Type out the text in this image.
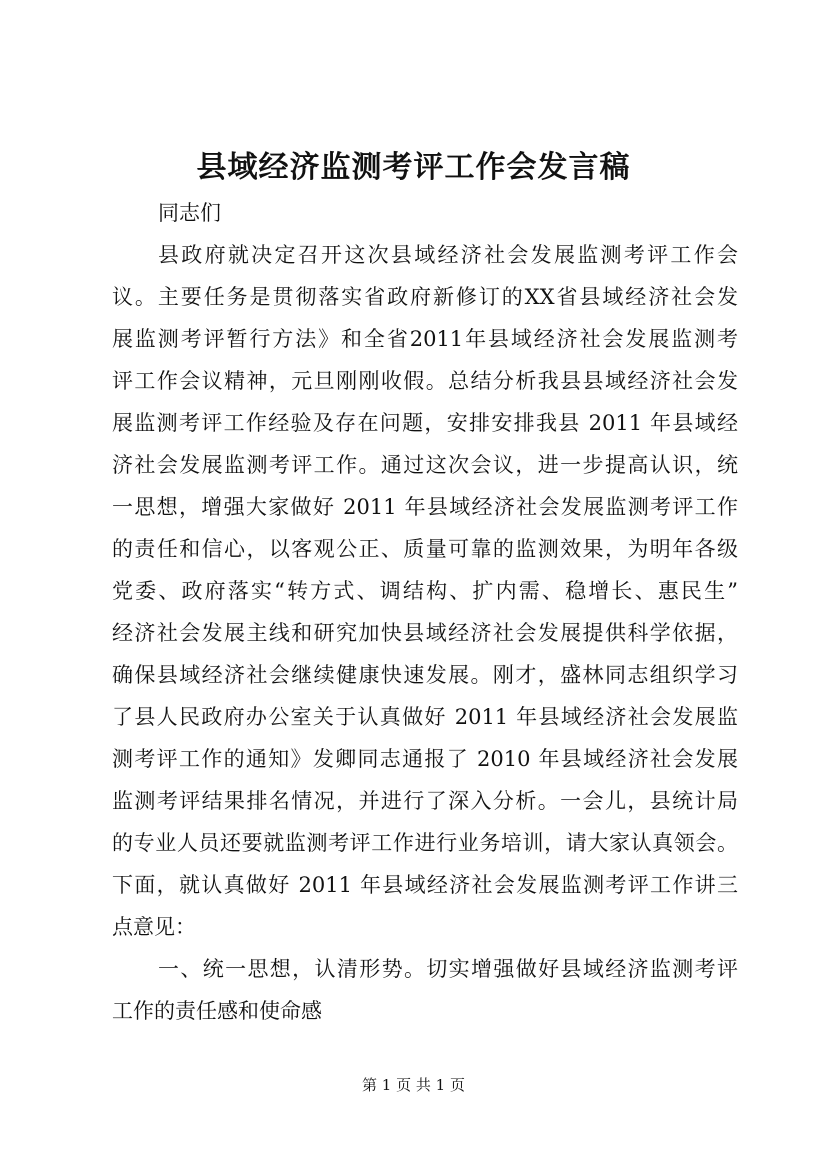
县域经济监测考评工作会发言稿
同志们
县政府就决定召开这次县域经济社会发展监测考评工作会
议。主要任务是贯彻落实省政府新修订的XX省县域经济社会发
展监测考评暂行方法》和全省2011年县域经济社会发展监测考
评工作会议精神，元旦刚刚收假。总结分析我县县域经济社会发
展监测考评工作经验及存在问题，安排安排我县 2011 年县域经
济社会发展监测考评工作。通过这次会议，进一步提高认识，统
一思想，增强大家做好 2011 年县域经济社会发展监测考评工作
的责任和信心，以客观公正、质量可靠的监测效果，为明年各级
党委、政府落实“转方式、调结构、扩内需、稳增长、惠民生”
经济社会发展主线和研究加快县域经济社会发展提供科学依据，
确保县域经济社会继续健康快速发展。刚才，盛林同志组织学习
了县人民政府办公室关于认真做好 2011 年县域经济社会发展监
测考评工作的通知》发卿同志通报了 2010 年县域经济社会发展
监测考评结果排名情况，并进行了深入分析。一会儿，县统计局
的专业人员还要就监测考评工作进行业务培训，请大家认真领会。
下面，就认真做好 2011 年县域经济社会发展监测考评工作讲三
点意见：
一、统一思想，认清形势。切实增强做好县域经济监测考评
工作的责任感和使命感
第 1 页 共 1 页
